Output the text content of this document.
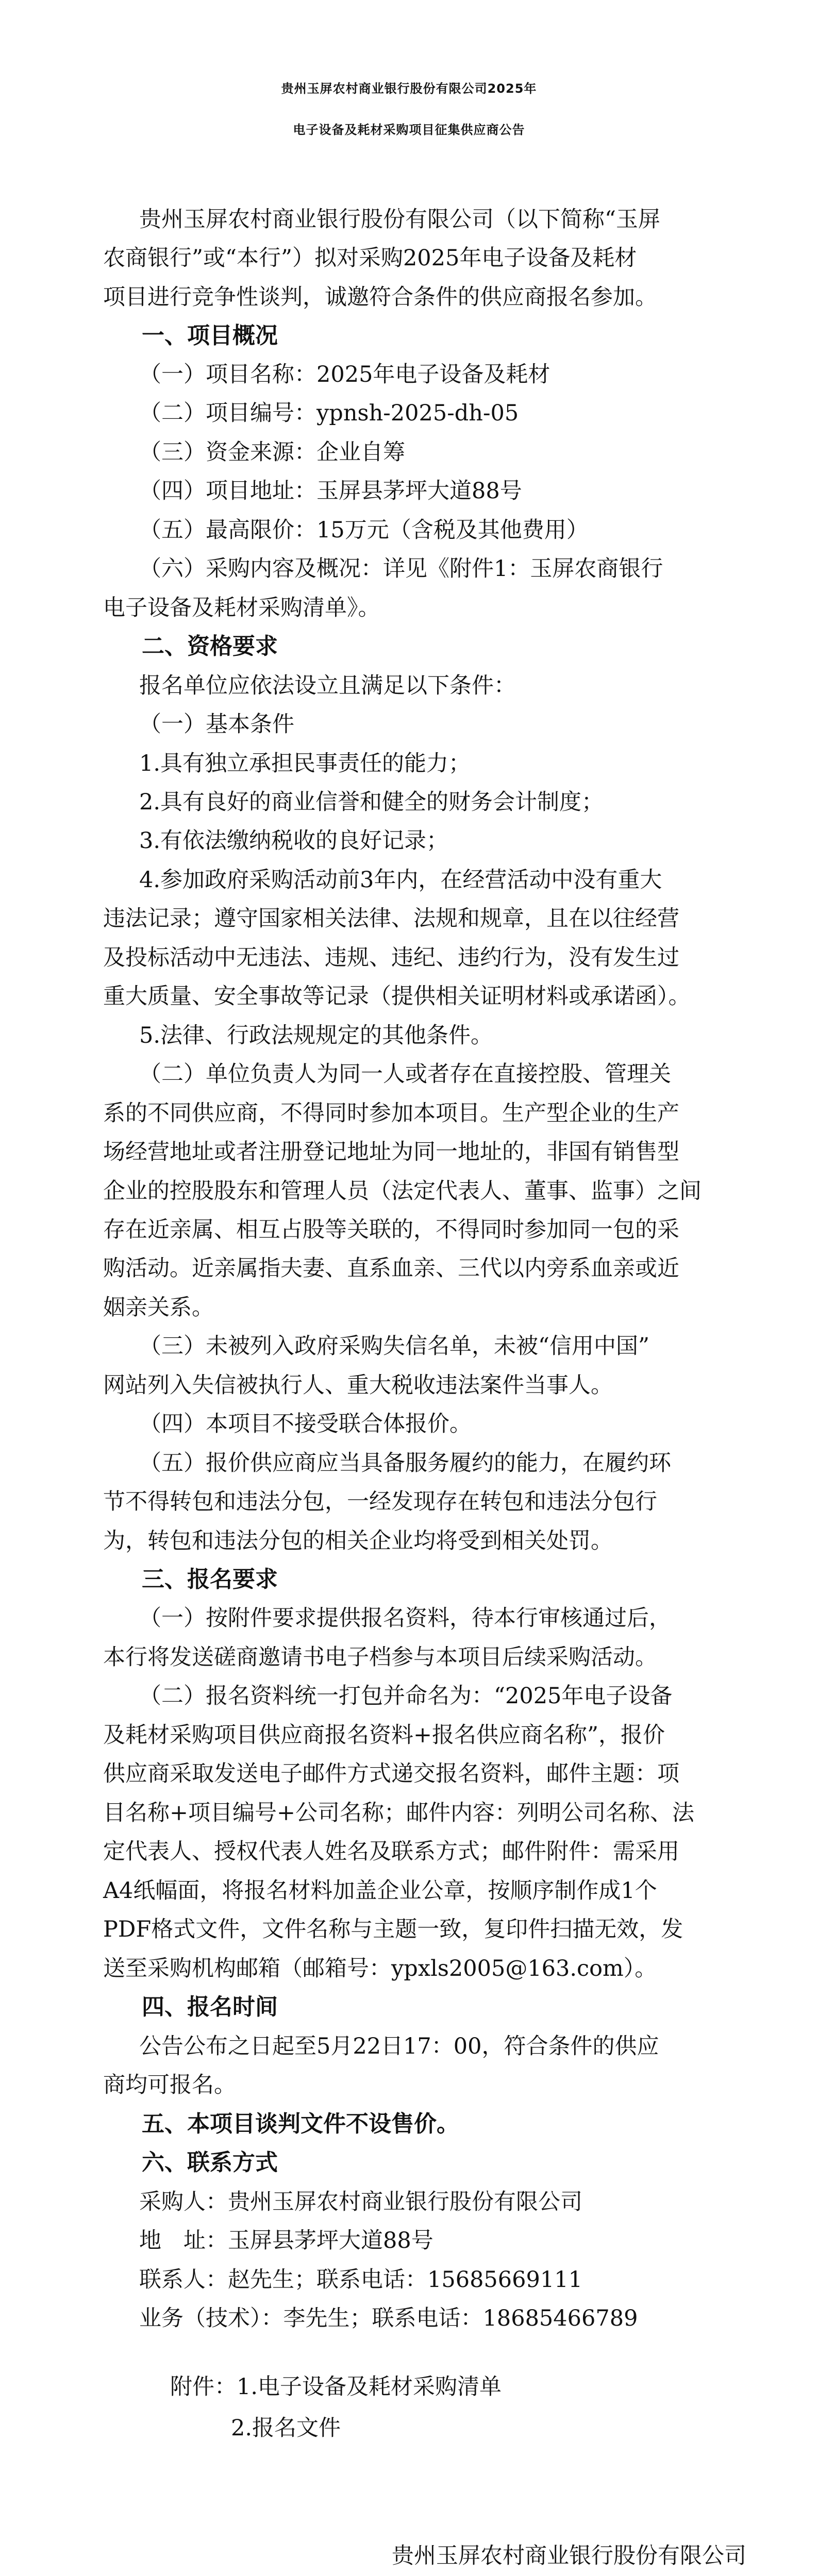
贵州玉屏农村商业银行股份有限公司2025年
电子设备及耗材采购项目征集供应商公告
贵州玉屏农村商业银行股份有限公司（以下简称“玉屏
农商银行”或“本行”）拟对采购2025年电子设备及耗材
项目进行竞争性谈判，诚邀符合条件的供应商报名参加。
一、项目概况
（一）项目名称：2025年电子设备及耗材
（二）项目编号：ypnsh-2025-dh-05
（三）资金来源：企业自筹
（四）项目地址：玉屏县茅坪大道88号
（五）最高限价：15万元（含税及其他费用）
（六）采购内容及概况：详见《附件1：玉屏农商银行
电子设备及耗材采购清单》。
二、资格要求
报名单位应依法设立且满足以下条件：
（一）基本条件
1.具有独立承担民事责任的能力；
2.具有良好的商业信誉和健全的财务会计制度；
3.有依法缴纳税收的良好记录；
4.参加政府采购活动前3年内，在经营活动中没有重大
违法记录；遵守国家相关法律、法规和规章，且在以往经营
及投标活动中无违法、违规、违纪、违约行为，没有发生过
重大质量、安全事故等记录（提供相关证明材料或承诺函）。
5.法律、行政法规规定的其他条件。
（二）单位负责人为同一人或者存在直接控股、管理关
系的不同供应商，不得同时参加本项目。生产型企业的生产
场经营地址或者注册登记地址为同一地址的，非国有销售型
企业的控股股东和管理人员（法定代表人、董事、监事）之间
存在近亲属、相互占股等关联的，不得同时参加同一包的采
购活动。近亲属指夫妻、直系血亲、三代以内旁系血亲或近
姻亲关系。
（三）未被列入政府采购失信名单，未被“信用中国”
网站列入失信被执行人、重大税收违法案件当事人。
（四）本项目不接受联合体报价。
（五）报价供应商应当具备服务履约的能力，在履约环
节不得转包和违法分包，一经发现存在转包和违法分包行
为，转包和违法分包的相关企业均将受到相关处罚。
三、报名要求
（一）按附件要求提供报名资料，待本行审核通过后，
本行将发送磋商邀请书电子档参与本项目后续采购活动。
（二）报名资料统一打包并命名为：“2025年电子设备
及耗材采购项目供应商报名资料+报名供应商名称”，报价
供应商采取发送电子邮件方式递交报名资料，邮件主题：项
目名称+项目编号+公司名称；邮件内容：列明公司名称、法
定代表人、授权代表人姓名及联系方式；邮件附件：需采用
A4纸幅面，将报名材料加盖企业公章，按顺序制作成1个
PDF格式文件，文件名称与主题一致，复印件扫描无效，发
送至采购机构邮箱（邮箱号：ypxls2005@163.com）。
四、报名时间
公告公布之日起至5月22日17：00，符合条件的供应
商均可报名。
五、本项目谈判文件不设售价。
六、联系方式
采购人：贵州玉屏农村商业银行股份有限公司
地　址：玉屏县茅坪大道88号
联系人：赵先生；联系电话：15685669111
业务（技术）：李先生；联系电话：18685466789
附件：1.电子设备及耗材采购清单
2.报名文件
贵州玉屏农村商业银行股份有限公司
